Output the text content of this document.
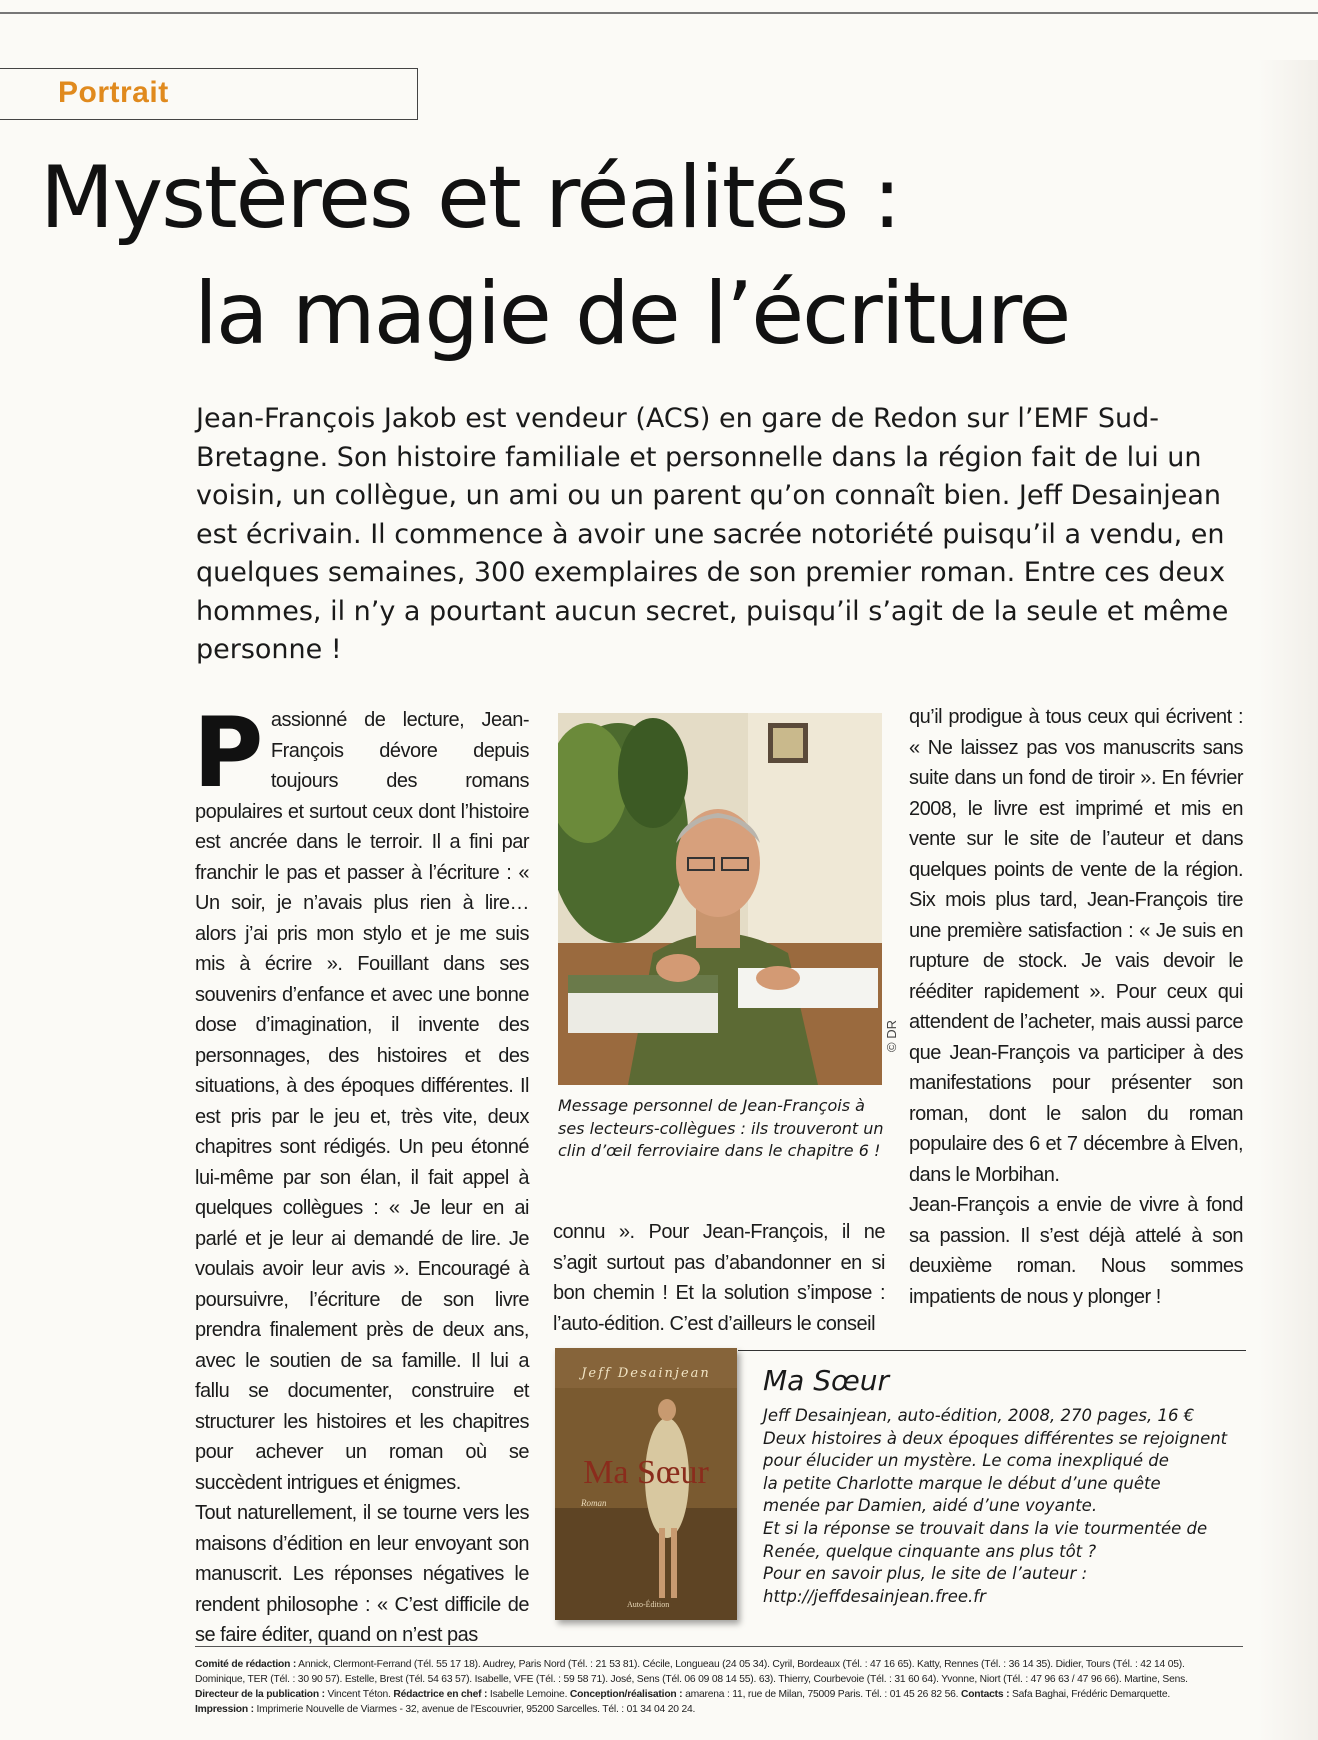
Portrait
Mystères et réalités :
la magie de l’écriture

Jean-François Jakob est vendeur (ACS) en gare de Redon sur l’EMF Sud-Bretagne. Son histoire familiale et personnelle dans la région fait de lui un voisin, un collègue, un ami ou un parent qu’on connaît bien. Jeff Desainjean est écrivain. Il commence à avoir une sacrée notoriété puisqu’il a vendu, en quelques semaines, 300 exemplaires de son premier roman. Entre ces deux hommes, il n’y a pourtant aucun secret, puisqu’il s’agit de la seule et même personne !

Passionné de lecture, Jean-François dévore depuis toujours des romans populaires et surtout ceux dont l’histoire est ancrée dans le terroir. Il a fini par franchir le pas et passer à l’écriture : « Un soir, je n’avais plus rien à lire… alors j’ai pris mon stylo et je me suis mis à écrire ». Fouillant dans ses souvenirs d’enfance et avec une bonne dose d’imagination, il invente des personnages, des histoires et des situations, à des époques différentes. Il est pris par le jeu et, très vite, deux chapitres sont rédigés. Un peu étonné lui-même par son élan, il fait appel à quelques collègues : « Je leur en ai parlé et je leur ai demandé de lire. Je voulais avoir leur avis ». Encouragé à poursuivre, l’écriture de son livre prendra finalement près de deux ans, avec le soutien de sa famille. Il lui a fallu se documenter, construire et structurer les histoires et les chapitres pour achever un roman où se succèdent intrigues et énigmes.

Tout naturellement, il se tourne vers les maisons d’édition en leur envoyant son manuscrit. Les réponses négatives le rendent philosophe : « C’est difficile de se faire éditer, quand on n’est pas

© DR
Message personnel de Jean-François à ses lecteurs-collègues : ils trouveront un clin d’œil ferroviaire dans le chapitre 6 !

connu ». Pour Jean-François, il ne s’agit surtout pas d’abandonner en si bon chemin ! Et la solution s’impose : l’auto-édition. C’est d’ailleurs le conseil

qu’il prodigue à tous ceux qui écrivent : « Ne laissez pas vos manuscrits sans suite dans un fond de tiroir ». En février 2008, le livre est imprimé et mis en vente sur le site de l’auteur et dans quelques points de vente de la région. Six mois plus tard, Jean-François tire une première satisfaction : « Je suis en rupture de stock. Je vais devoir le rééditer rapidement ». Pour ceux qui attendent de l’acheter, mais aussi parce que Jean-François va participer à des manifestations pour présenter son roman, dont le salon du roman populaire des 6 et 7 décembre à Elven, dans le Morbihan.

Jean-François a envie de vivre à fond sa passion. Il s’est déjà attelé à son deuxième roman. Nous sommes impatients de nous y plonger !

Jeff Desainjean
Ma Sœur
Roman
Auto-Édition
Ma Sœur
Jeff Desainjean, auto-édition, 2008, 270 pages, 16 €
Deux histoires à deux époques différentes se rejoignent
pour élucider un mystère. Le coma inexpliqué de
la petite Charlotte marque le début d’une quête
menée par Damien, aidé d’une voyante.
Et si la réponse se trouvait dans la vie tourmentée de
Renée, quelque cinquante ans plus tôt ?
Pour en savoir plus, le site de l’auteur :
http://jeffdesainjean.free.fr
Comité de rédaction : Annick, Clermont-Ferrand (Tél. 55 17 18). Audrey, Paris Nord (Tél. : 21 53 81). Cécile, Longueau (24 05 34). Cyril, Bordeaux (Tél. : 47 16 65). Katty, Rennes (Tél. : 36 14 35). Didier, Tours (Tél. : 42 14 05).
Dominique, TER (Tél. : 30 90 57). Estelle, Brest (Tél. 54 63 57). Isabelle, VFE (Tél. : 59 58 71). José, Sens (Tél. 06 09 08 14 55). 63). Thierry, Courbevoie (Tél. : 31 60 64). Yvonne, Niort (Tél. : 47 96 63 / 47 96 66). Martine, Sens.
Directeur de la publication : Vincent Téton. Rédactrice en chef : Isabelle Lemoine. Conception/réalisation : amarena : 11, rue de Milan, 75009 Paris. Tél. : 01 45 26 82 56. Contacts : Safa Baghai, Frédéric Demarquette.
Impression : Imprimerie Nouvelle de Viarmes - 32, avenue de l’Escouvrier, 95200 Sarcelles. Tél. : 01 34 04 20 24.
